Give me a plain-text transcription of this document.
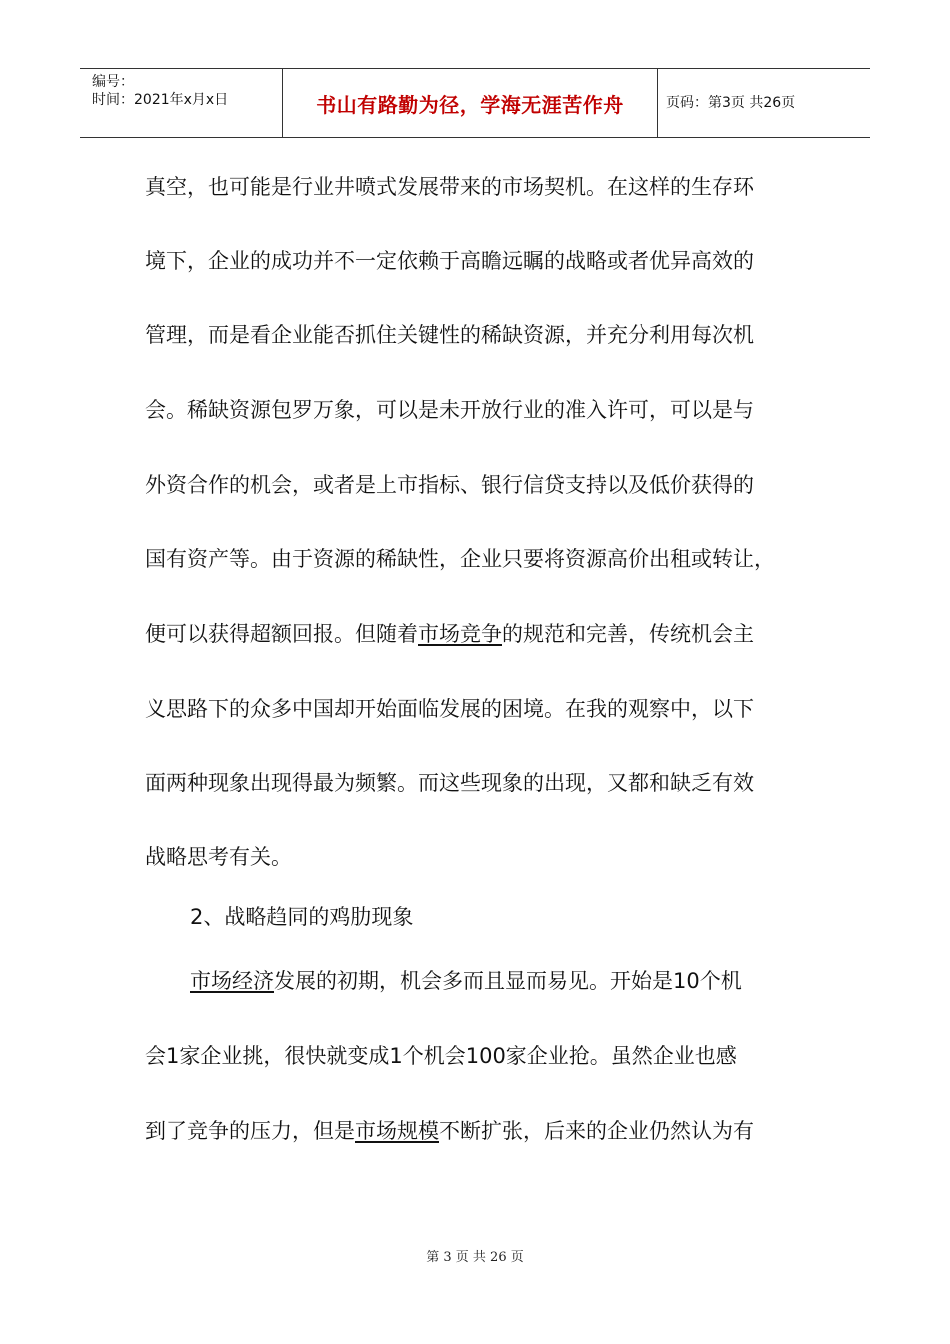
编号：
时间：2021年x月x日	书山有路勤为径，学海无涯苦作舟	页码：第3页 共26页
真空，也可能是行业井喷式发展带来的市场契机。在这样的生存环
境下，企业的成功并不一定依赖于高瞻远瞩的战略或者优异高效的
管理，而是看企业能否抓住关键性的稀缺资源，并充分利用每次机
会。稀缺资源包罗万象，可以是未开放行业的准入许可，可以是与
外资合作的机会，或者是上市指标、银行信贷支持以及低价获得的
国有资产等。由于资源的稀缺性，企业只要将资源高价出租或转让，
便可以获得超额回报。但随着市场竞争的规范和完善，传统机会主
义思路下的众多中国却开始面临发展的困境。在我的观察中，以下
面两种现象出现得最为频繁。而这些现象的出现，又都和缺乏有效
战略思考有关。
2、战略趋同的鸡肋现象
市场经济发展的初期，机会多而且显而易见。开始是10个机
会1家企业挑，很快就变成1个机会100家企业抢。虽然企业也感
到了竞争的压力，但是市场规模不断扩张，后来的企业仍然认为有
第 3 页 共 26 页
